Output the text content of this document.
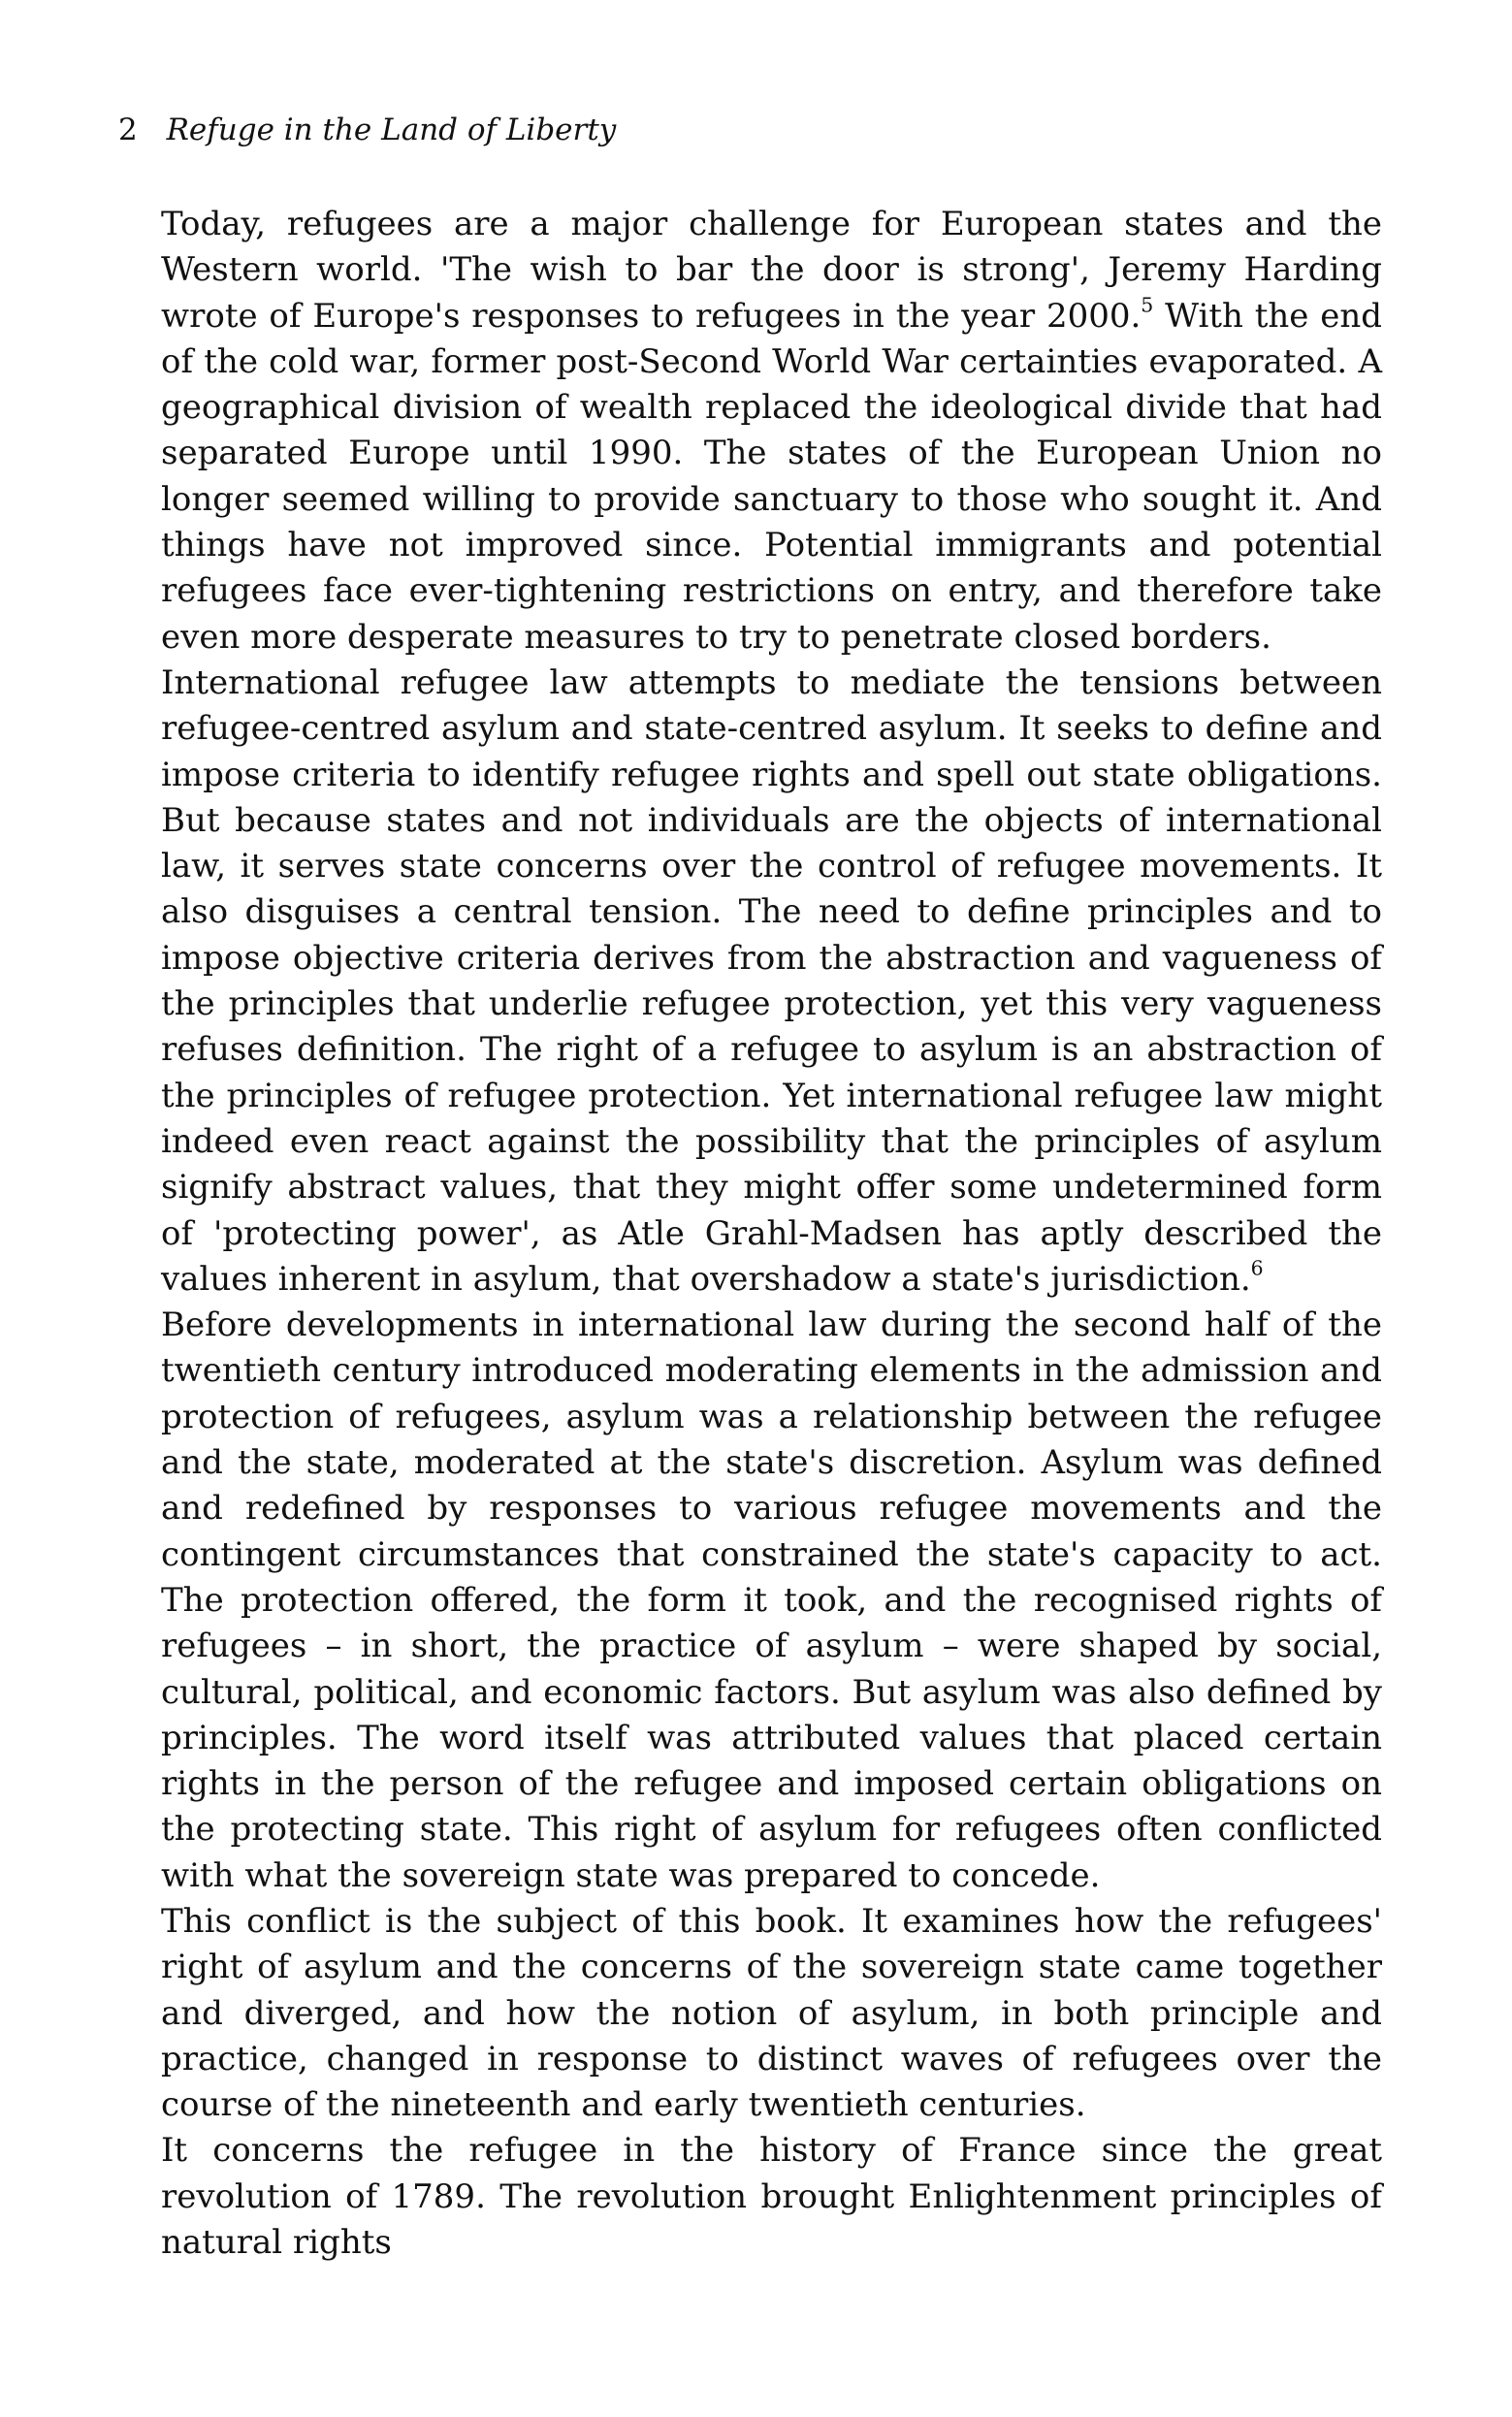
2 Refuge in the Land of Liberty

Today, refugees are a major challenge for European states and the Western world. 'The wish to bar the door is strong', Jeremy Harding wrote of Europe's responses to refugees in the year 2000.$^5$ With the end of the cold war, former post-Second World War certainties evaporated. A geographical division of wealth replaced the ideological divide that had separated Europe until 1990. The states of the European Union no longer seemed willing to provide sanctuary to those who sought it. And things have not improved since. Potential immigrants and potential refugees face ever-tightening restrictions on entry, and therefore take even more desperate measures to try to penetrate closed borders.

International refugee law attempts to mediate the tensions between refugee-centred asylum and state-centred asylum. It seeks to define and impose criteria to identify refugee rights and spell out state obligations. But because states and not individuals are the objects of international law, it serves state concerns over the control of refugee movements. It also disguises a central tension. The need to define principles and to impose objective criteria derives from the abstraction and vagueness of the principles that underlie refugee protection, yet this very vagueness refuses definition. The right of a refugee to asylum is an abstraction of the principles of refugee protection. Yet international refugee law might indeed even react against the possibility that the principles of asylum signify abstract values, that they might offer some undetermined form of 'protecting power', as Atle Grahl-Madsen has aptly described the values inherent in asylum, that overshadow a state's jurisdiction.$^6$

Before developments in international law during the second half of the twentieth century introduced moderating elements in the admission and protection of refugees, asylum was a relationship between the refugee and the state, moderated at the state's discretion. Asylum was defined and redefined by responses to various refugee movements and the contingent circumstances that constrained the state's capacity to act. The protection offered, the form it took, and the recognised rights of refugees – in short, the practice of asylum – were shaped by social, cultural, political, and economic factors. But asylum was also defined by principles. The word itself was attributed values that placed certain rights in the person of the refugee and imposed certain obligations on the protecting state. This right of asylum for refugees often conflicted with what the sovereign state was prepared to concede.

This conflict is the subject of this book. It examines how the refugees' right of asylum and the concerns of the sovereign state came together and diverged, and how the notion of asylum, in both principle and practice, changed in response to distinct waves of refugees over the course of the nineteenth and early twentieth centuries.

It concerns the refugee in the history of France since the great revolution of 1789. The revolution brought Enlightenment principles of natural rights
